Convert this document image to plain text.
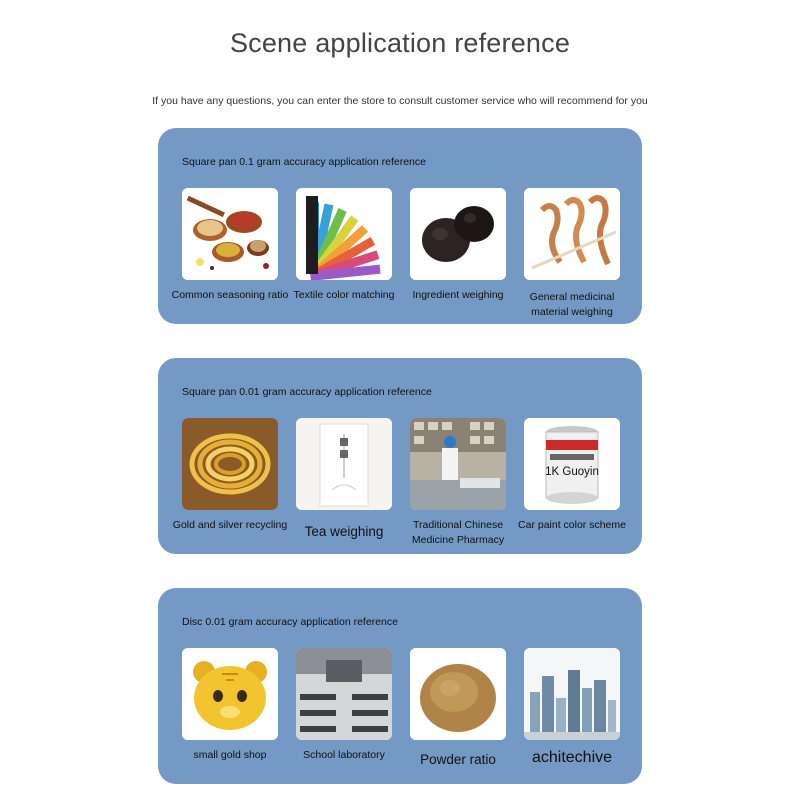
Scene application reference
If you have any questions, you can enter the store to consult customer service who will recommend for you
Square pan 0.1 gram accuracy application reference
Common seasoning ratio Textile color matching	Ingredient weighing	General medicinal material weighing
Square pan 0.01 gram accuracy application reference
1K Guoyin
Gold and silver recycling	Tea weighing	Traditional Chinese Medicine Pharmacy
Car paint color scheme
Disc 0.01 gram accuracy application reference
small gold shop	School laboratory	Powder ratio	achitechive
